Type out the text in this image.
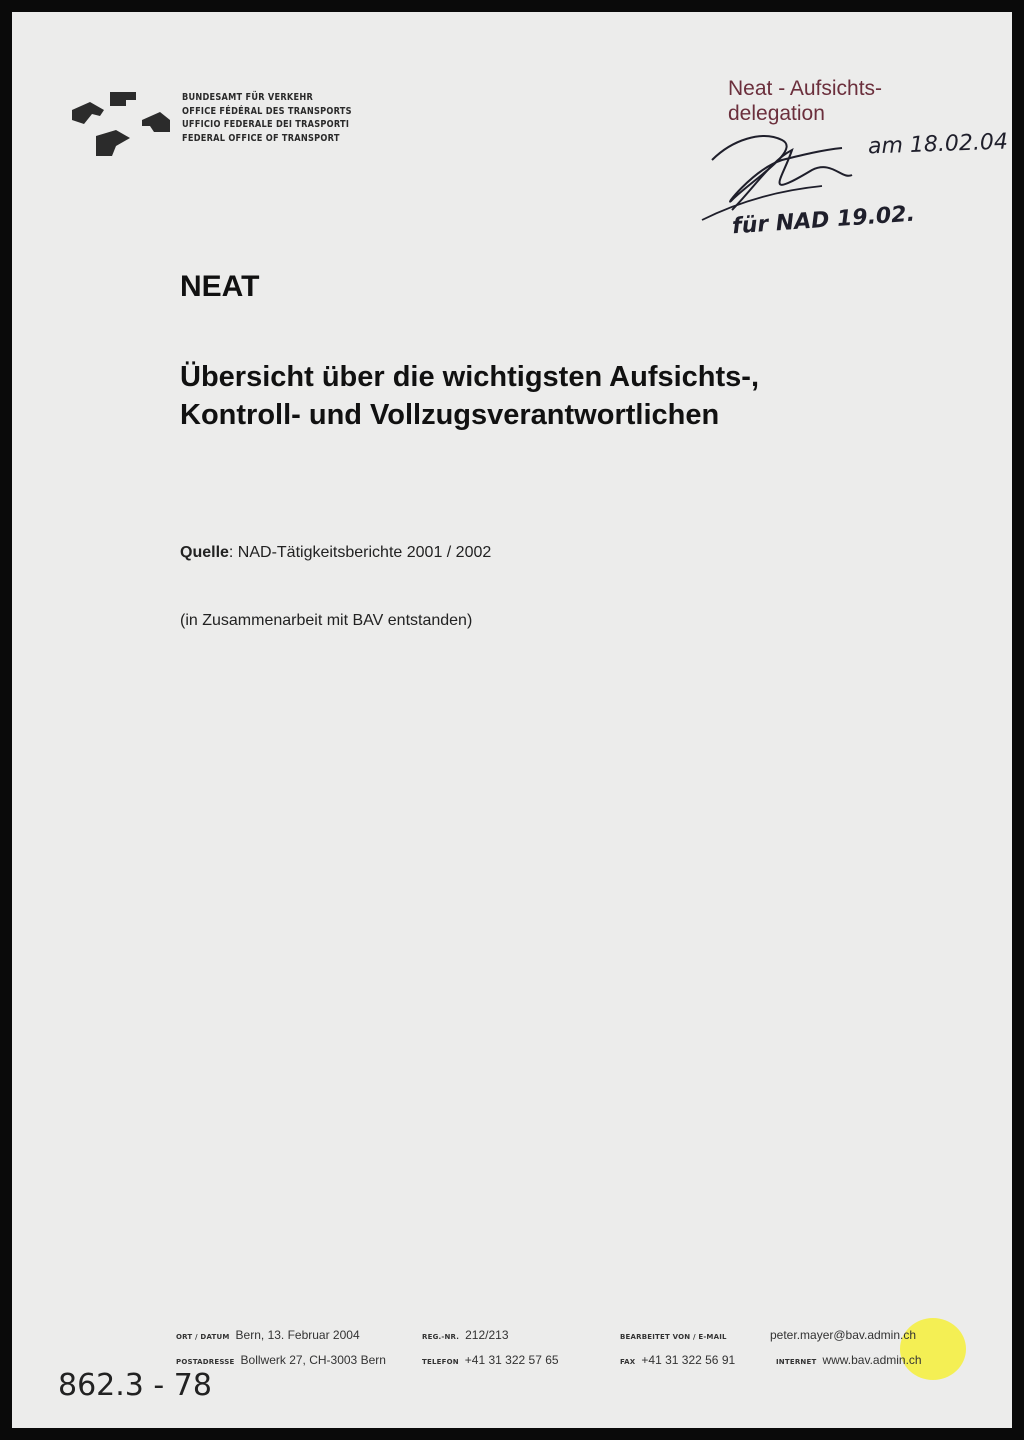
BUNDESAMT FÜR VERKEHR
OFFICE FÉDÉRAL DES TRANSPORTS
UFFICIO FEDERALE DEI TRASPORTI
FEDERAL OFFICE OF TRANSPORT
Neat - Aufsichts-
delegation
am 18.02.04
für NAD 19.02.
NEAT
Übersicht über die wichtigsten Aufsichts-,
Kontroll- und Vollzugsverantwortlichen
Quelle: NAD-Tätigkeitsberichte 2001 / 2002
(in Zusammenarbeit mit BAV entstanden)
ORT / DATUM Bern, 13. Februar 2004	REG.-NR. 212/213	BEARBEITET VON / E-MAIL	peter.mayer@bav.admin.ch
POSTADRESSE Bollwerk 27, CH-3003 Bern	TELEFON +41 31 322 57 65	FAX +41 31 322 56 91	INTERNET www.bav.admin.ch
862.3 - 78
